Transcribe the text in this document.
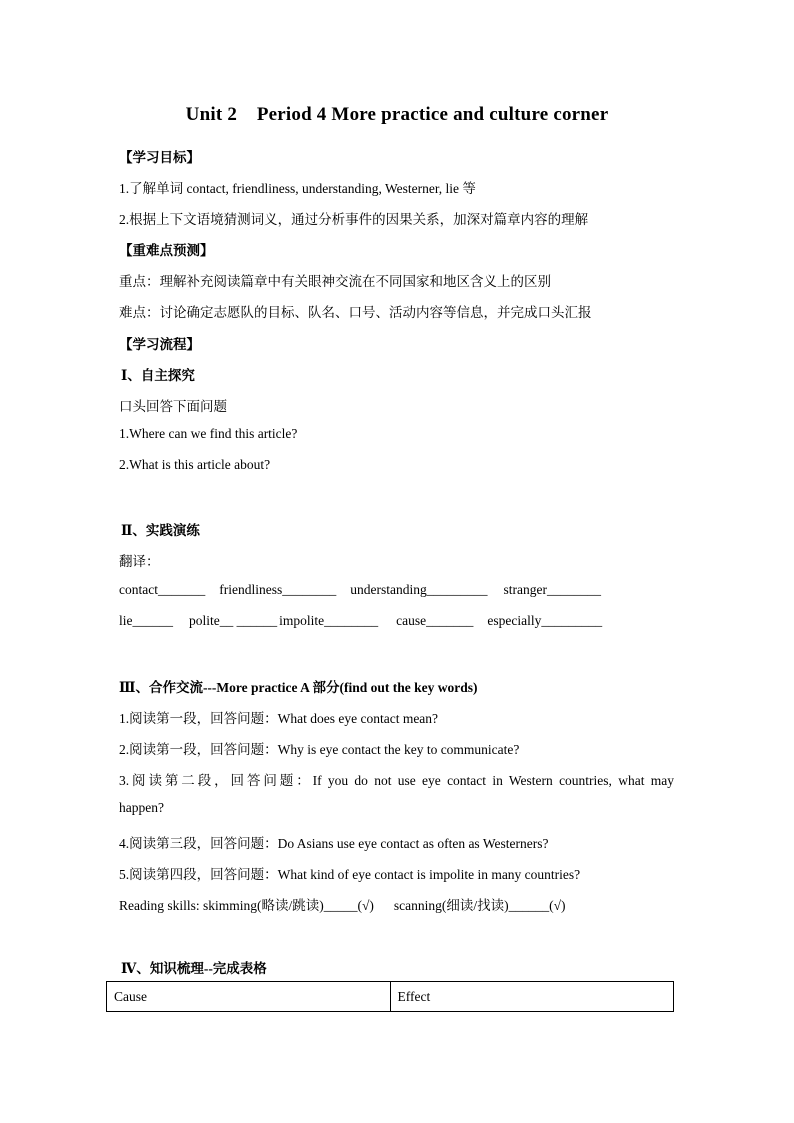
Unit 2    Period 4 More practice and culture corner
【学习目标】
1.了解单词 contact, friendliness, understanding, Westerner, lie 等
2.根据上下文语境猜测词义，通过分析事件的因果关系，加深对篇章内容的理解
【重难点预测】
重点：理解补充阅读篇章中有关眼神交流在不同国家和地区含义上的区别
难点：讨论确定志愿队的目标、队名、口号、活动内容等信息，并完成口头汇报
【学习流程】
Ⅰ、自主探究
口头回答下面问题
1.Where can we find this article?
2.What is this article about?
Ⅱ、实践演练
翻译：
contact_______ friendliness________ understanding_________ stranger________
lie______ polite__ ______ impolite________ cause_______ especially_________
Ⅲ、合作交流---More practice A 部分(find out the key words)
1.阅读第一段，回答问题：What does eye contact mean?
2.阅读第一段，回答问题：Why is eye contact the key to communicate?
3.阅读第二段，回答问题：If you do not use eye contact in Western countries, what may
happen?
4.阅读第三段，回答问题：Do Asians use eye contact as often as Westerners?
5.阅读第四段，回答问题：What kind of eye contact is impolite in many countries?
Reading skills: skimming(略读/跳读)_____(√) scanning(细读/找读)______(√)
Ⅳ、知识梳理--完成表格
Cause	Effect
